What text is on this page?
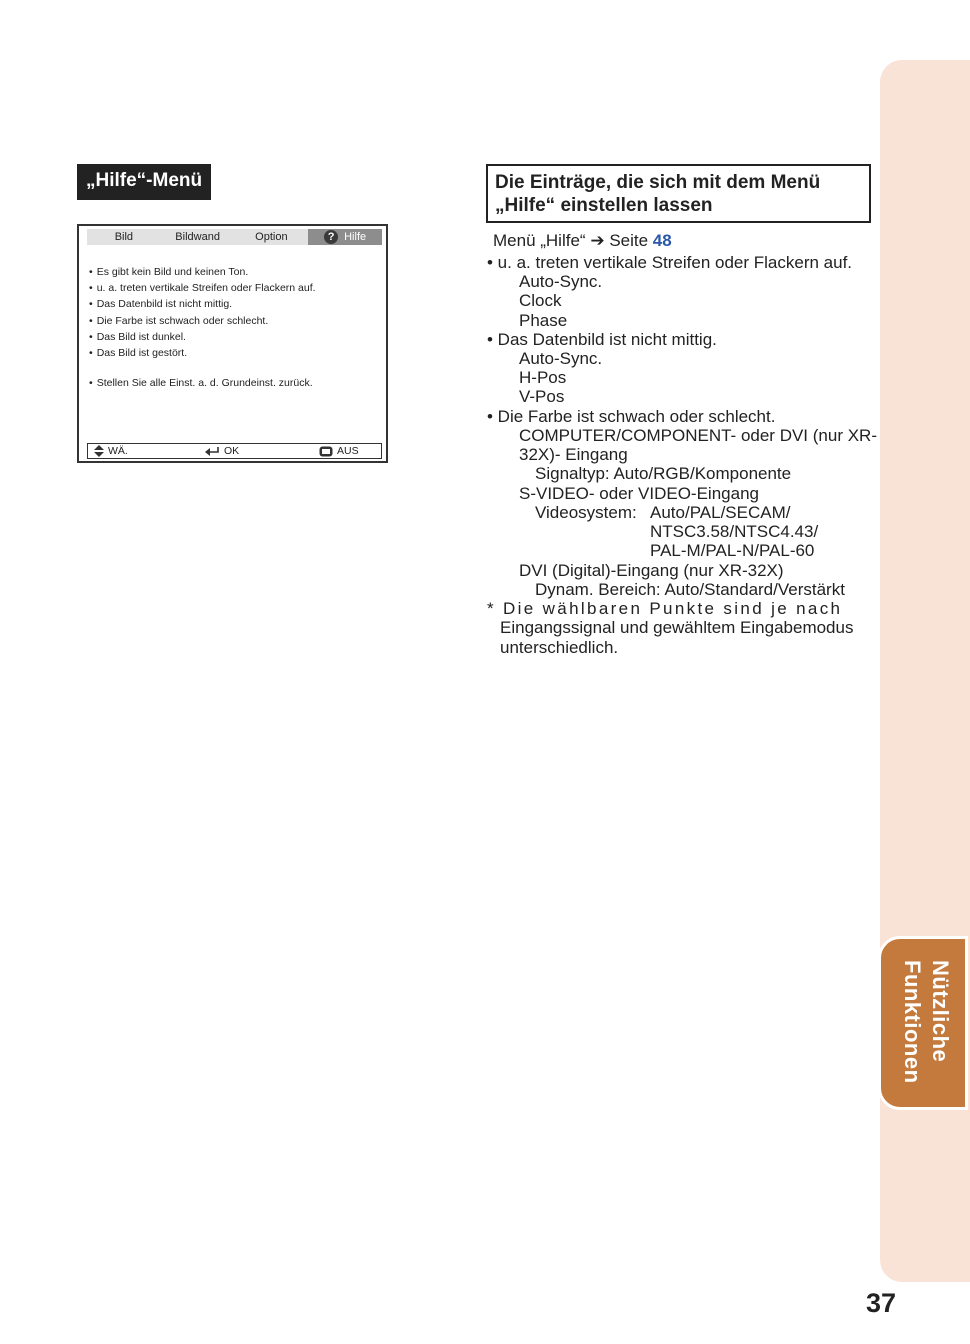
Nützliche
Funktionen
37
„Hilfe“-Menü
Bild	Bildwand	Option	? Hilfe
• Es gibt kein Bild und keinen Ton.
• u. a. treten vertikale Streifen oder Flackern auf.
• Das Datenbild ist nicht mittig.
• Die Farbe ist schwach oder schlecht.
• Das Bild ist dunkel.
• Das Bild ist gestört.
• Stellen Sie alle Einst. a. d. Grundeinst. zurück.
WÄ.	OK	AUS
Die Einträge, die sich mit dem Menü
„Hilfe“ einstellen lassen
Menü „Hilfe“ ➔ Seite 48
• u. a. treten vertikale Streifen oder Flackern auf.
Auto-Sync.
Clock
Phase
• Das Datenbild ist nicht mittig.
Auto-Sync.
H-Pos
V-Pos
• Die Farbe ist schwach oder schlecht.
COMPUTER/COMPONENT- oder DVI (nur XR-
32X)- Eingang
Signaltyp: Auto/RGB/Komponente
S-VIDEO- oder VIDEO-Eingang
Videosystem: Auto/PAL/SECAM/
NTSC3.58/NTSC4.43/
PAL-M/PAL-N/PAL-60
DVI (Digital)-Eingang (nur XR-32X)
Dynam. Bereich: Auto/Standard/Verstärkt
* Die wählbaren Punkte sind je nach
Eingangssignal und gewähltem Eingabemodus
unterschiedlich.
